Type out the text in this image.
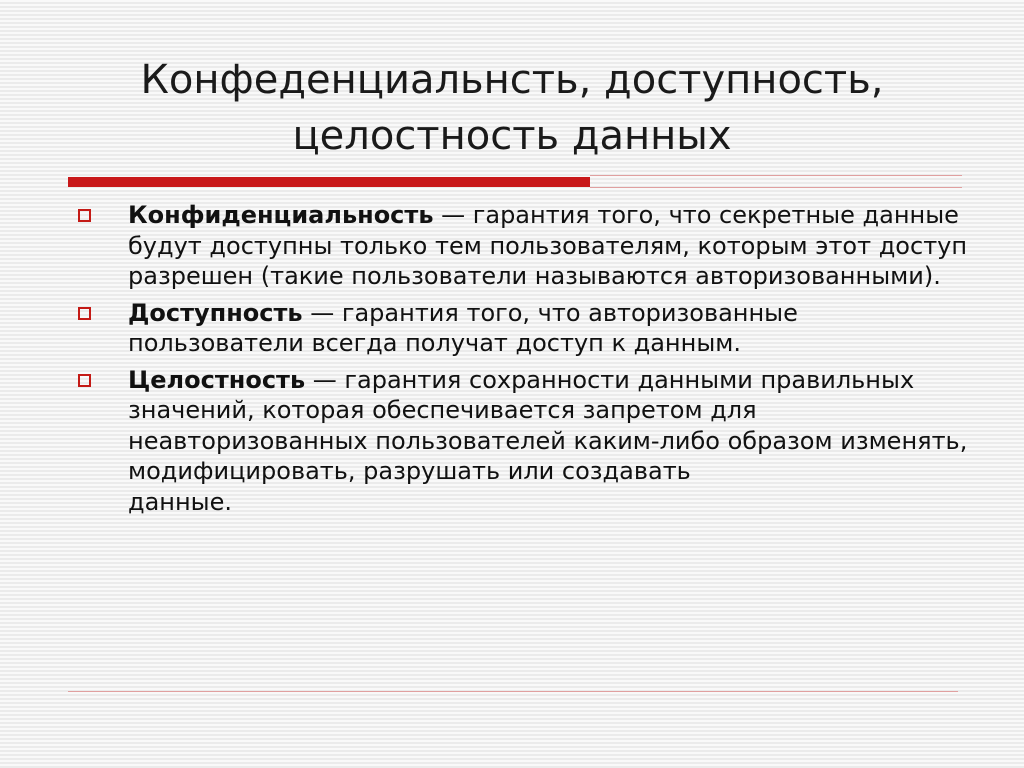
Конфеденциальнсть, доступность,
целостность данных
Конфиденциальность — гарантия того, что секретные данные будут доступны только тем пользователям, которым этот доступ разрешен (такие пользователи называются авторизованными).
Доступность — гарантия того, что авторизованные пользователи всегда получат доступ к данным.
Целостность — гарантия сохранности данными правильных значений, которая обеспечивается запретом для неавторизованных пользователей каким-либо образом изменять, модифицировать, разрушать или создавать
данные.
